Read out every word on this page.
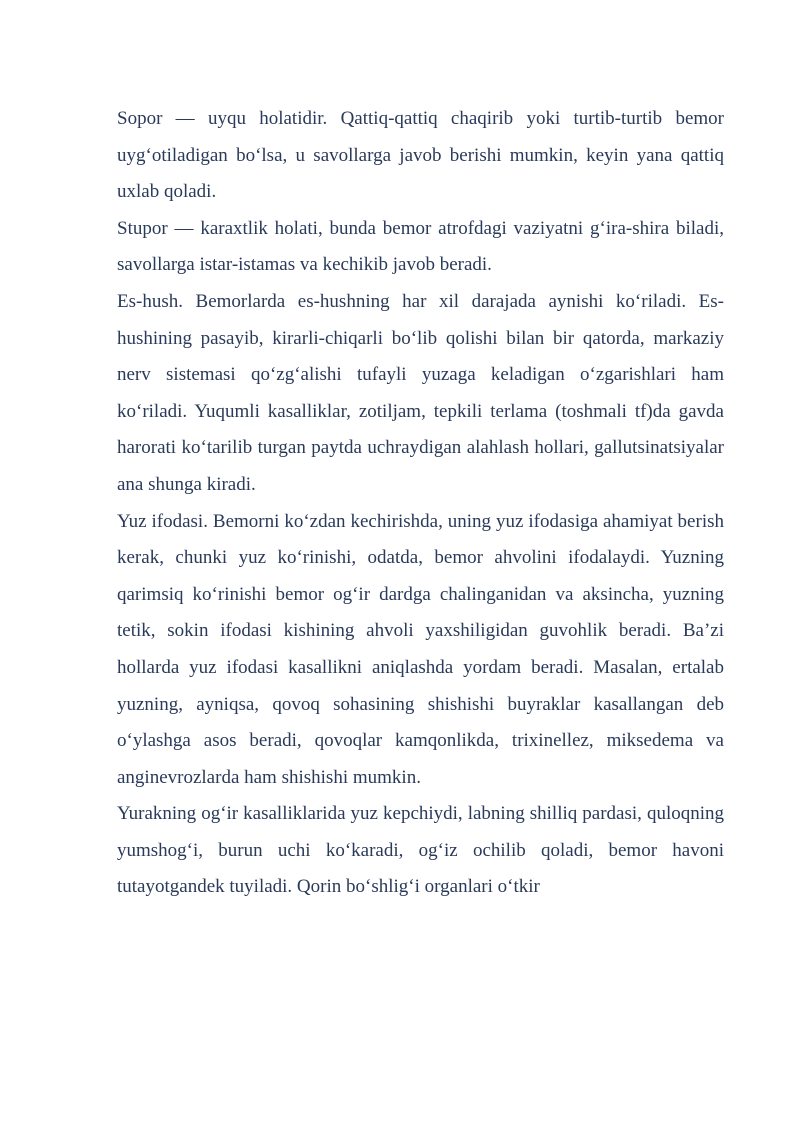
Sopor — uyqu holatidir. Qattiq-qattiq chaqirib yoki turtib-turtib bemor uyg‘otiladigan bo‘lsa, u savollarga javob berishi mumkin, keyin yana qattiq uxlab qoladi.

Stupor — karaxtlik holati, bunda bemor atrofdagi vaziyatni g‘ira-shira biladi, savollarga istar-istamas va kechikib javob beradi.

Es-hush. Bemorlarda es-hushning har xil darajada aynishi ko‘riladi. Es-hushining pasayib, kirarli-chiqarli bo‘lib qolishi bilan bir qatorda, markaziy nerv sistemasi qo‘zg‘alishi tufayli yuzaga keladigan o‘zgarishlari ham ko‘riladi. Yuqumli kasalliklar, zotiljam, tepkili terlama (toshmali tf)da gavda harorati ko‘tarilib turgan paytda uchraydigan alahlash hollari, gallutsinatsiyalar ana shunga kiradi.

Yuz ifodasi. Bemorni ko‘zdan kechirishda, uning yuz ifodasiga ahamiyat berish kerak, chunki yuz ko‘rinishi, odatda, bemor ahvolini ifodalaydi. Yuzning qarimsiq ko‘rinishi bemor og‘ir dardga chalinganidan va aksincha, yuzning tetik, sokin ifodasi kishining ahvoli yaxshiligidan guvohlik beradi. Ba’zi hollarda yuz ifodasi kasallikni aniqlashda yordam beradi. Masalan, ertalab yuzning, ayniqsa, qovoq sohasining shishishi buyraklar kasallangan deb o‘ylashga asos beradi, qovoqlar kamqonlikda, trixinellez, miksedema va anginevrozlarda ham shishishi mumkin.

Yurakning og‘ir kasalliklarida yuz kepchiydi, labning shilliq pardasi, quloqning yumshog‘i, burun uchi ko‘karadi, og‘iz ochilib qoladi, bemor havoni tutayotgandek tuyiladi. Qorin bo‘shlig‘i organlari o‘tkir
